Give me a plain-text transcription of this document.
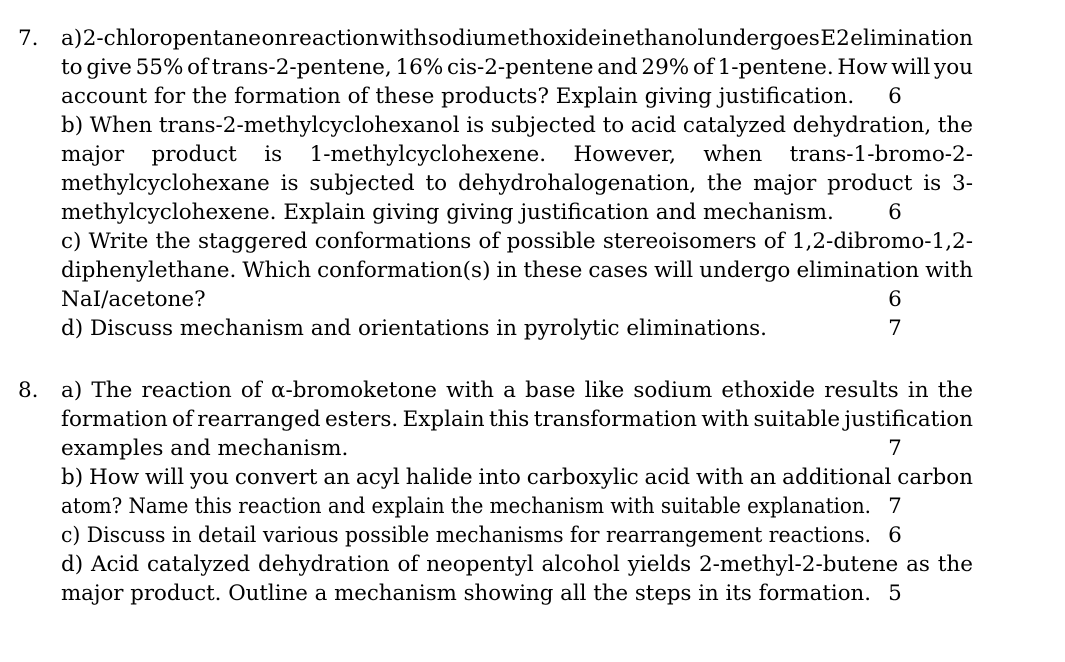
7. a) 2-chloropentane on reaction with sodium ethoxide in ethanol undergoes E2 elimination
to give 55% of trans-2-pentene, 16% cis-2-pentene and 29% of 1-pentene. How will you
account for the formation of these products? Explain giving justification. 6
b) When trans-2-methylcyclohexanol is subjected to acid catalyzed dehydration, the
major product is 1-methylcyclohexene. However, when trans-1-bromo-2-
methylcyclohexane is subjected to dehydrohalogenation, the major product is 3-
methylcyclohexene. Explain giving giving justification and mechanism.	6
c) Write the staggered conformations of possible stereoisomers of 1,2-dibromo-1,2-
diphenylethane. Which conformation(s) in these cases will undergo elimination with
NaI/acetone?	6
d) Discuss mechanism and orientations in pyrolytic eliminations.	7
8. a) The reaction of α-bromoketone with a base like sodium ethoxide results in the
formation of rearranged esters. Explain this transformation with suitable justification
examples and mechanism.	7
b) How will you convert an acyl halide into carboxylic acid with an additional carbon
atom? Name this reaction and explain the mechanism with suitable explanation. 7
c) Discuss in detail various possible mechanisms for rearrangement reactions. 6
d) Acid catalyzed dehydration of neopentyl alcohol yields 2-methyl-2-butene as the
major product. Outline a mechanism showing all the steps in its formation. 5
